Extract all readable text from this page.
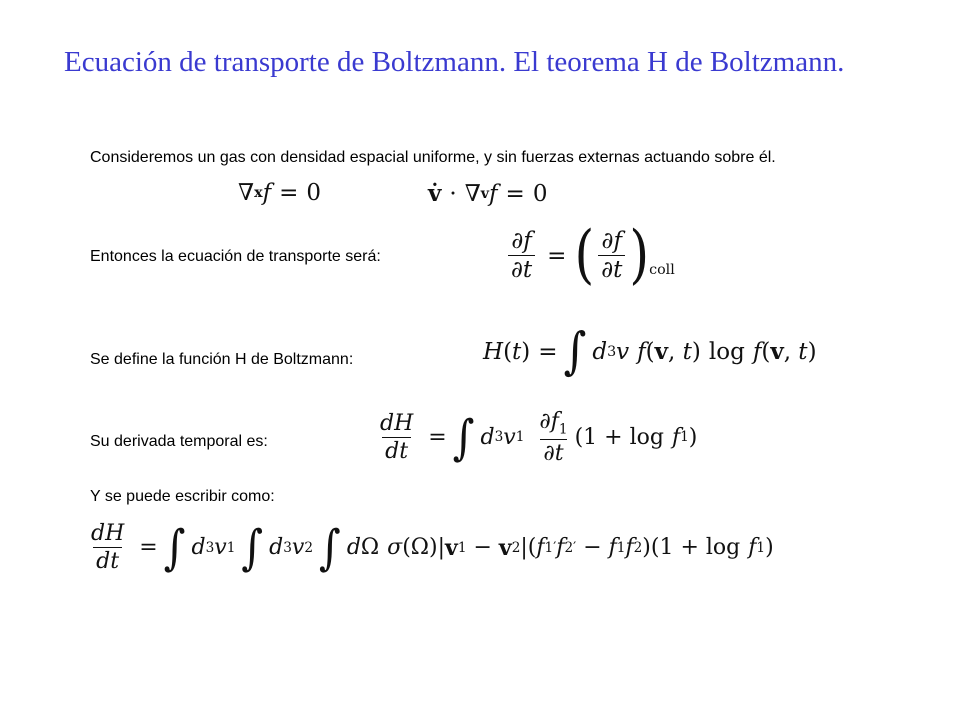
Ecuación de transporte de Boltzmann. El teorema H de Boltzmann.
Consideremos un gas con densidad espacial uniforme, y sin fuerzas externas actuando sobre él.
∇ x f = 0	v̇ · ∇ v f = 0
Entonces la ecuación de transporte será:	$\frac{\partial f}{\partial t}$ = ( $\frac{\partial f}{\partial t}$ ) coll
Se define la función H de Boltzmann:	H ( t ) = ∫ d 3 v f ( v , t ) log f ( v , t )
Su derivada temporal es:	$\frac{dH}{dt}$ = ∫ d 3 v $1 \frac{\partial f_1}{\partial t} (1 + \log f$ 1 )
Y se puede escribir como:
$\frac{dH}{dt}$ = ∫ d 3 v 1 ∫ d 3 v 2 ∫ d Ω σ (Ω)| v 1 − v 2 |( f 1 ′ f 2 ′ − f 1 f 2 )(1 + log f 1 )
